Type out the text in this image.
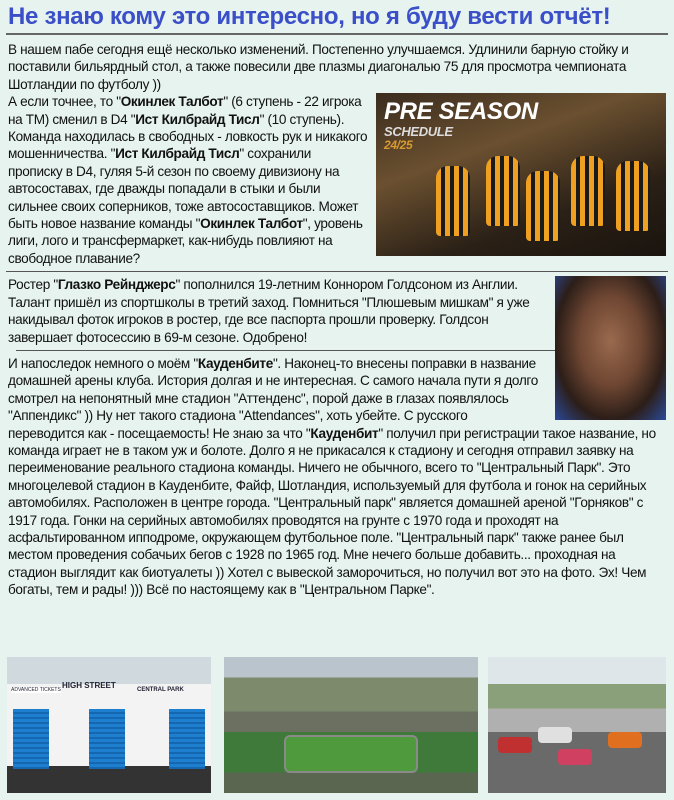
Не знаю кому это интересно, но я буду вести отчёт!
В нашем пабе сегодня ещё несколько изменений. Постепенно улучшаемся. Удлинили барную стойку и поставили бильярдный стол, а также повесили две плазмы диагональю 75 для просмотра чемпионата Шотландии по футболу ))

PRE SEASON
SCHEDULE
24/25
А если точнее, то "Окинлек Талбот" (6 ступень - 22 игрока на ТМ) сменил в D4 "Ист Килбрайд Тисл" (10 ступень). Команда находилась в свободных - ловкость рук и никакого мошенничества. "Ист Килбрайд Тисл" сохранили прописку в D4, гуляя 5-й сезон по своему дивизиону на автосоставах, где дважды попадали в стыки и были сильнее своих соперников, тоже автосоставщиков. Может быть новое название команды "Окинлек Талбот", уровень лиги, лого и трансфермаркет, как-нибудь повлияют на свободное плавание?
Ростер "Глазко Рейнджерс" пополнился 19-летним Коннором Голдсоном из Англии. Талант пришёл из спортшколы в третий заход. Помниться "Плюшевым мишкам" я уже накидывал фоток игроков в ростер, где все паспорта прошли проверку. Голдсон завершает фотосессию в 69-м сезоне. Одобрено!
И напоследок немного о моём "Кауденбите". Наконец-то внесены поправки в название домашней арены клуба. История долгая и не интересная. С самого начала пути я долго смотрел на непонятный мне стадион "Аттенденс", порой даже в глазах появлялось "Аппендикс" )) Ну нет такого стадиона "Attendances", хоть убейте. С русского переводится как - посещаемость! Не знаю за что "Кауденбит" получил при регистрации такое название, но команда играет не в таком уж и болоте. Долго я не прикасался к стадиону и сегодня отправил заявку на переименование реального стадиона команды. Ничего не обычного, всего то "Центральный Парк". Это многоцелевой стадион в Кауденбите, Файф, Шотландия, используемый для футбола и гонок на серийных автомобилях. Расположен в центре города. "Центральный парк" является домашней ареной "Горняков" с 1917 года. Гонки на серийных автомобилях проводятся на грунте с 1970 года и проходят на асфальтированном ипподроме, окружающем футбольное поле. "Центральный парк" также ранее был местом проведения собачьих бегов с 1928 по 1965 год. Мне нечего больше добавить... проходная на стадион выглядит как биотуалеты )) Хотел с вывеской заморочиться, но получил вот это на фото. Эх! Чем богаты, тем и рады! ))) Всё по настоящему как в "Центральном Парке".
HIGH STREET	CENTRAL PARK
ADVANCED TICKETS
